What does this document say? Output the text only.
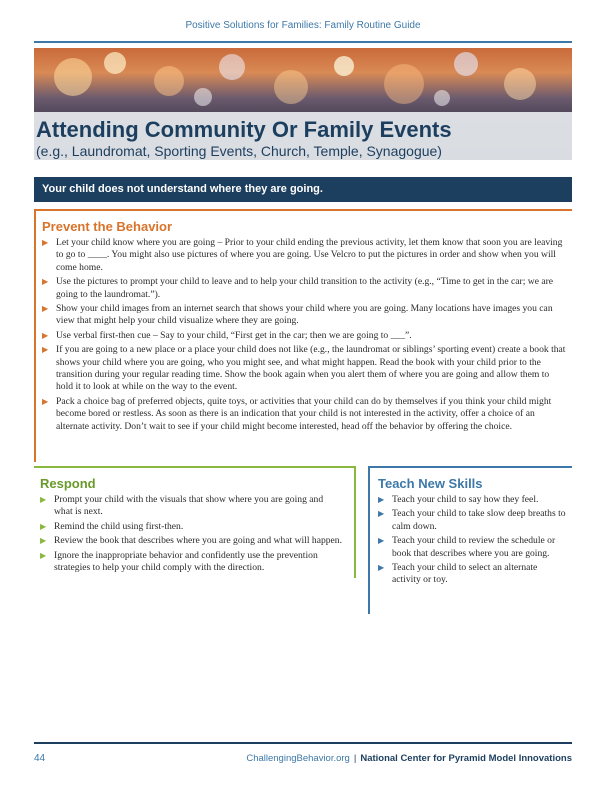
Positive Solutions for Families: Family Routine Guide
Attending Community Or Family Events
(e.g., Laundromat, Sporting Events, Church, Temple, Synagogue)
Your child does not understand where they are going.
Prevent the Behavior
▶ Let your child know where you are going – Prior to your child ending the previous activity, let them know that soon you are leaving to go to ____. You might also use pictures of where you are going. Use Velcro to put the pictures in order and show when you will come home.
▶ Use the pictures to prompt your child to leave and to help your child transition to the activity (e.g., “Time to get in the car; we are going to the laundromat.”).
▶ Show your child images from an internet search that shows your child where you are going. Many locations have images you can view that might help your child visualize where they are going.
▶ Use verbal first-then cue – Say to your child, “First get in the car; then we are going to ___”.
▶ If you are going to a new place or a place your child does not like (e.g., the laundromat or siblings’ sporting event) create a book that shows your child where you are going, who you might see, and what might happen. Read the book with your child prior to the transition during your regular reading time. Show the book again when you alert them of where you are going and allow them to hold it to look at while on the way to the event.
▶ Pack a choice bag of preferred objects, quite toys, or activities that your child can do by themselves if you think your child might become bored or restless. As soon as there is an indication that your child is not interested in the activity, offer a choice of an alternate activity. Don’t wait to see if your child might become interested, head off the behavior by offering the choice.
Respond
▶ Prompt your child with the visuals that show where you are going and what is next.
▶ Remind the child using first-then.
▶ Review the book that describes where you are going and what will happen.
▶ Ignore the inappropriate behavior and confidently use the prevention strategies to help your child comply with the direction.
Teach New Skills
▶ Teach your child to say how they feel.
▶ Teach your child to take slow deep breaths to calm down.
▶ Teach your child to review the schedule or book that describes where you are going.
▶ Teach your child to select an alternate activity or toy.
44	ChallengingBehavior.org | National Center for Pyramid Model Innovations
